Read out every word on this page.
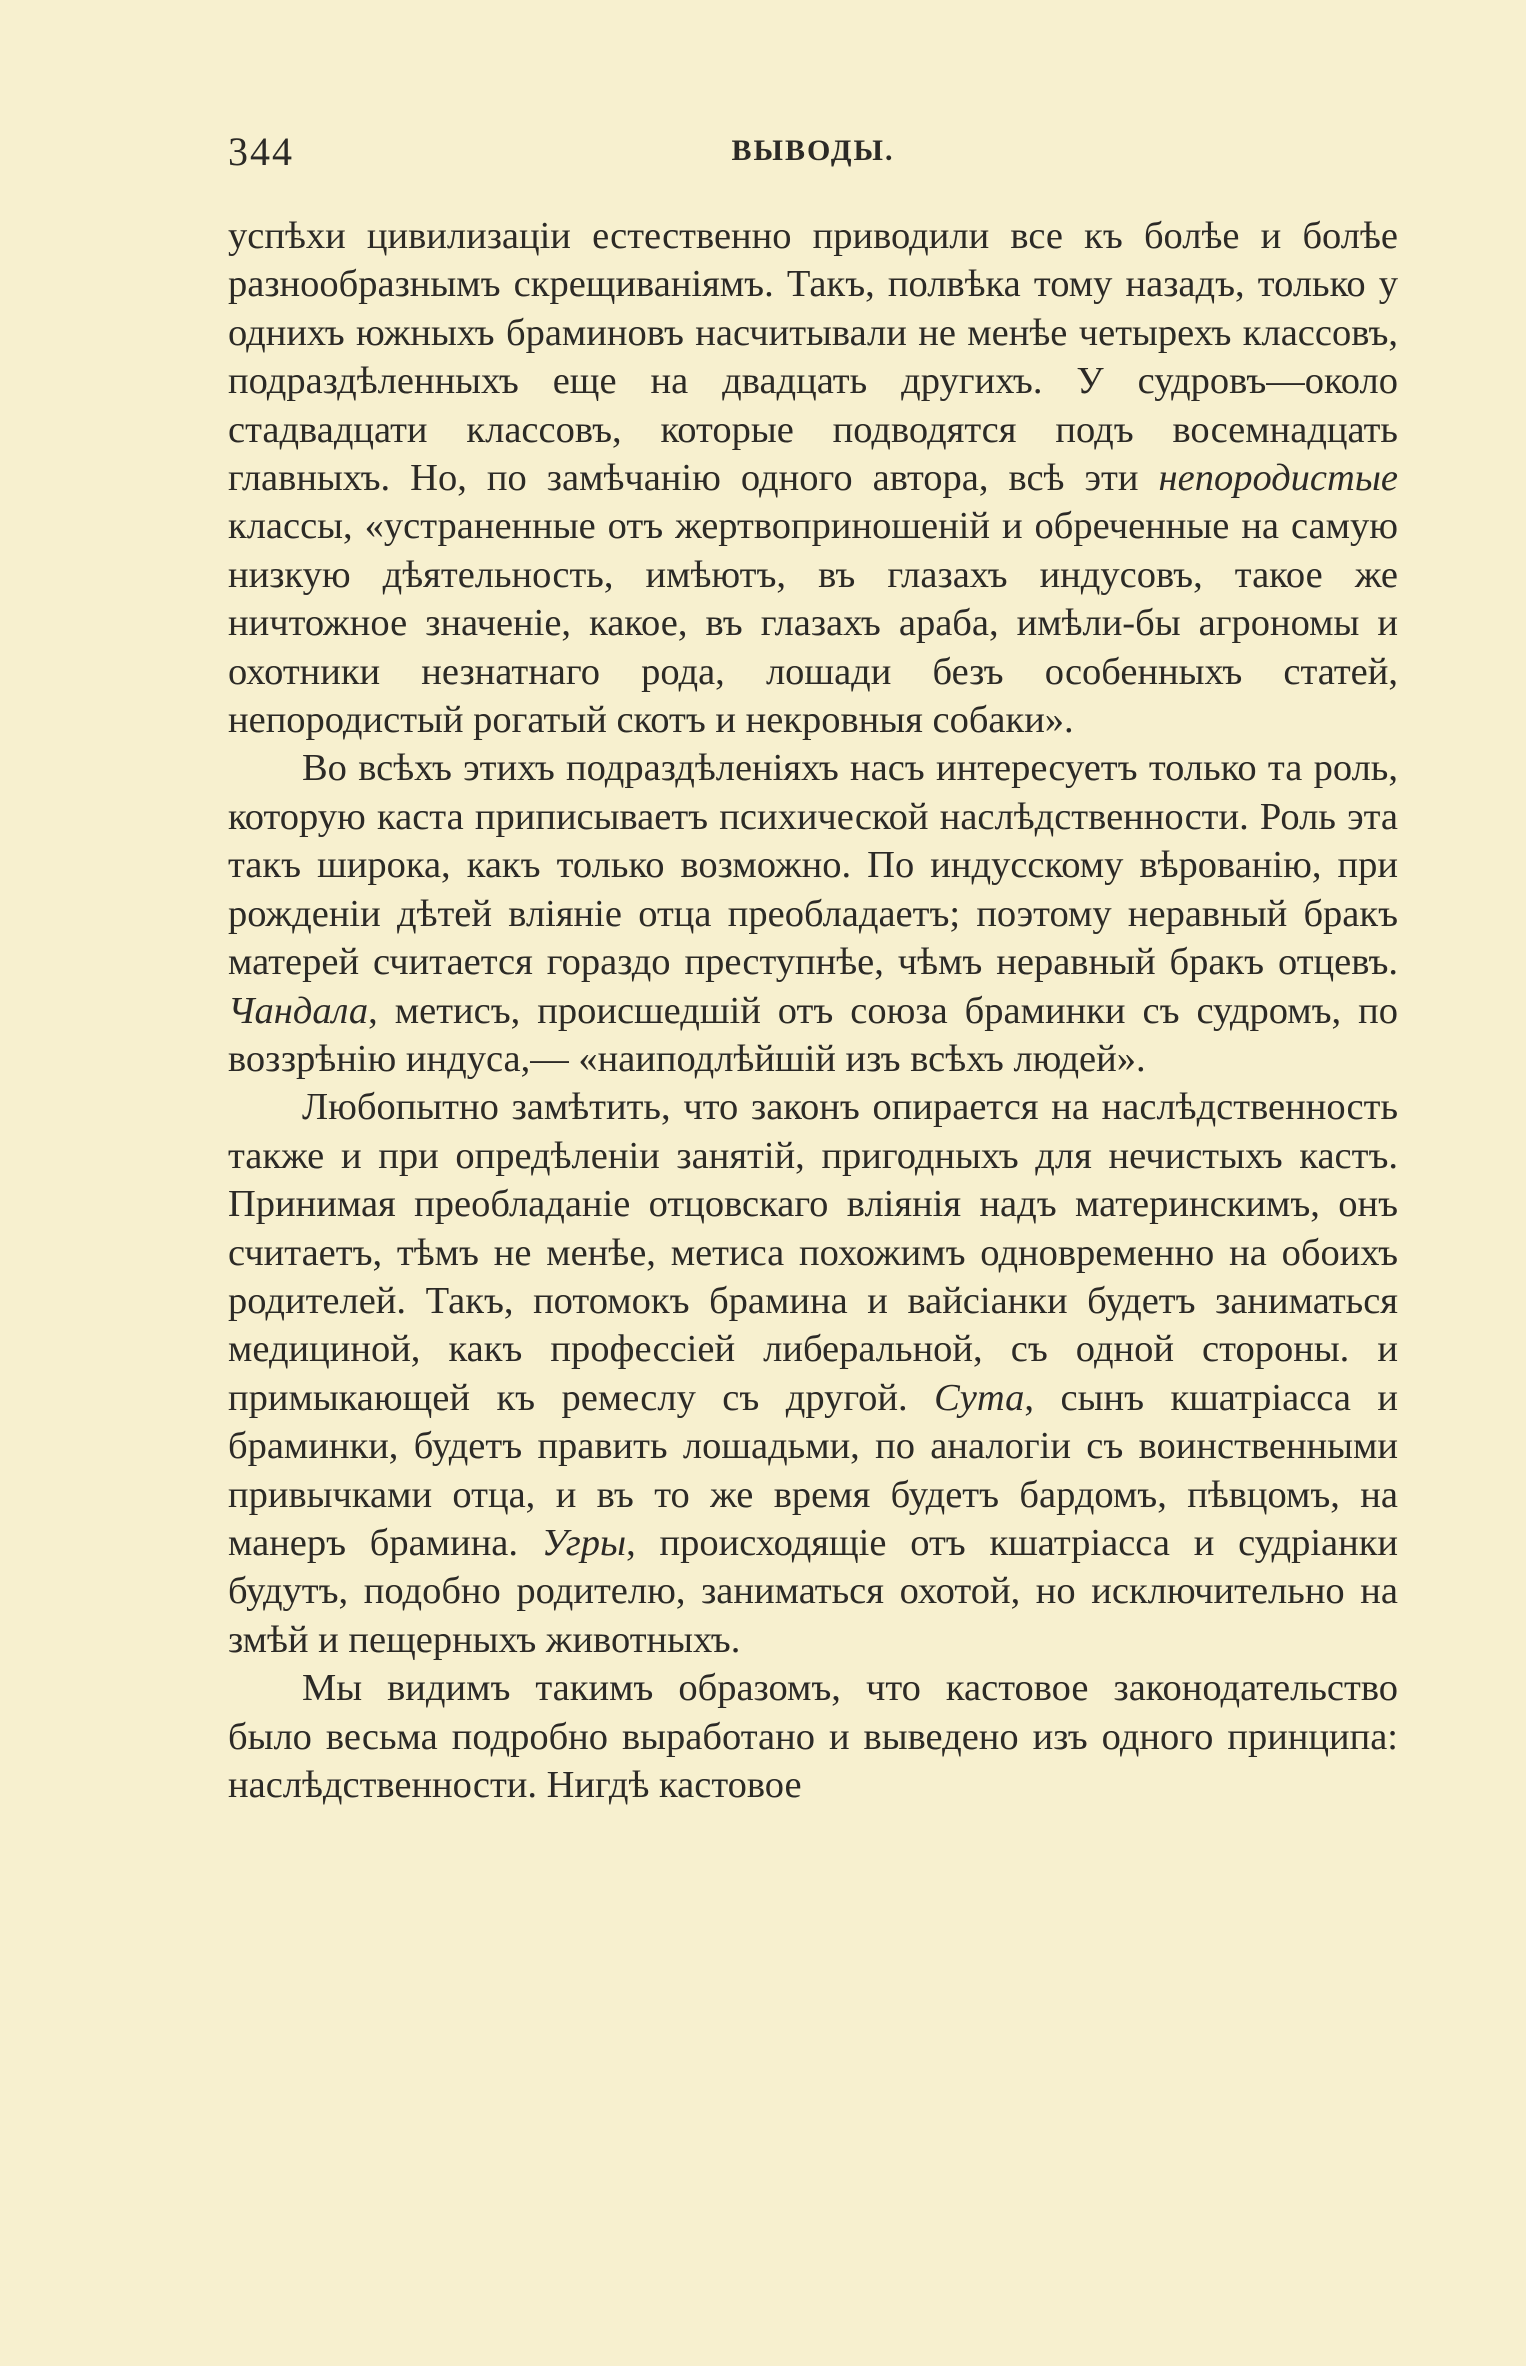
344	ВЫВОДЫ.

успѣхи цивилизаціи естественно приводили все къ болѣе и болѣе разнообразнымъ скрещиваніямъ. Такъ, полвѣка тому назадъ, только у однихъ южныхъ браминовъ насчитывали не менѣе четырехъ классовъ, подраздѣленныхъ еще на двадцать другихъ. У судровъ—около стадвадцати классовъ, которые подводятся подъ восемнадцать главныхъ. Но, по замѣчанію одного автора, всѣ эти непородистые классы, «устраненные отъ жертвоприношеній и обреченные на самую низкую дѣятельность, имѣютъ, въ глазахъ индусовъ, такое же ничтожное значеніе, какое, въ глазахъ араба, имѣли-бы агрономы и охотники незнатнаго рода, лошади безъ особенныхъ статей, непородистый рогатый скотъ и некровныя собаки».

Во всѣхъ этихъ подраздѣленіяхъ насъ интересуетъ только та роль, которую каста приписываетъ психической наслѣдственности. Роль эта такъ широка, какъ только возможно. По индусскому вѣрованію, при рожденіи дѣтей вліяніе отца преобладаетъ; поэтому неравный бракъ матерей считается гораздо преступнѣе, чѣмъ неравный бракъ отцевъ. Чандала, метисъ, происшедшій отъ союза браминки съ судромъ, по воззрѣнію индуса,— «наиподлѣйшій изъ всѣхъ людей».

Любопытно замѣтить, что законъ опирается на наслѣдственность также и при опредѣленіи занятій, пригодныхъ для нечистыхъ кастъ. Принимая преобладаніе отцовскаго вліянія надъ материнскимъ, онъ считаетъ, тѣмъ не менѣе, метиса похожимъ одновременно на обоихъ родителей. Такъ, потомокъ брамина и вайсіанки будетъ заниматься медициной, какъ профессіей либеральной, съ одной стороны. и примыкающей къ ремеслу съ другой. Сута, сынъ кшатріасса и браминки, будетъ править лошадьми, по аналогіи съ воинственными привычками отца, и въ то же время будетъ бардомъ, пѣвцомъ, на манеръ брамина. Угры, происходящіе отъ кшатріасса и судріанки будутъ, подобно родителю, заниматься охотой, но исключительно на змѣй и пещерныхъ животныхъ.

Мы видимъ такимъ образомъ, что кастовое законодательство было весьма подробно выработано и выведено изъ одного принципа: наслѣдственности. Нигдѣ кастовое
